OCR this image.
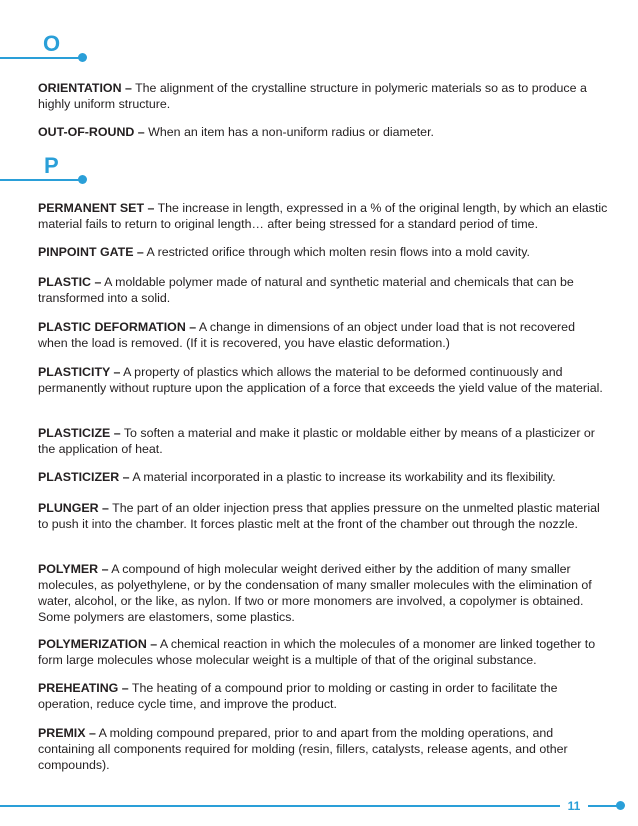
O

ORIENTATION – The alignment of the crystalline structure in polymeric materials so as to produce a highly uniform structure.

OUT-OF-ROUND – When an item has a non-uniform radius or diameter.

P

PERMANENT SET – The increase in length, expressed in a % of the original length, by which an elastic material fails to return to original length… after being stressed for a standard period of time.

PINPOINT GATE – A restricted orifice through which molten resin flows into a mold cavity.

PLASTIC – A moldable polymer made of natural and synthetic material and chemicals that can be transformed into a solid.

PLASTIC DEFORMATION – A change in dimensions of an object under load that is not recovered when the load is removed. (If it is recovered, you have elastic deformation.)

PLASTICITY – A property of plastics which allows the material to be deformed continuously and permanently without rupture upon the application of a force that exceeds the yield value of the material.

PLASTICIZE – To soften a material and make it plastic or moldable either by means of a plasticizer or the application of heat.

PLASTICIZER – A material incorporated in a plastic to increase its workability and its flexibility.

PLUNGER – The part of an older injection press that applies pressure on the unmelted plastic material to push it into the chamber. It forces plastic melt at the front of the chamber out through the nozzle.

POLYMER – A compound of high molecular weight derived either by the addition of many smaller molecules, as polyethylene, or by the condensation of many smaller molecules with the elimination of water, alcohol, or the like, as nylon. If two or more monomers are involved, a copolymer is obtained. Some polymers are elastomers, some plastics.

POLYMERIZATION – A chemical reaction in which the molecules of a monomer are linked together to form large molecules whose molecular weight is a multiple of that of the original substance.

PREHEATING – The heating of a compound prior to molding or casting in order to facilitate the operation, reduce cycle time, and improve the product.

PREMIX – A molding compound prepared, prior to and apart from the molding operations, and containing all components required for molding (resin, fillers, catalysts, release agents, and other compounds).

11
